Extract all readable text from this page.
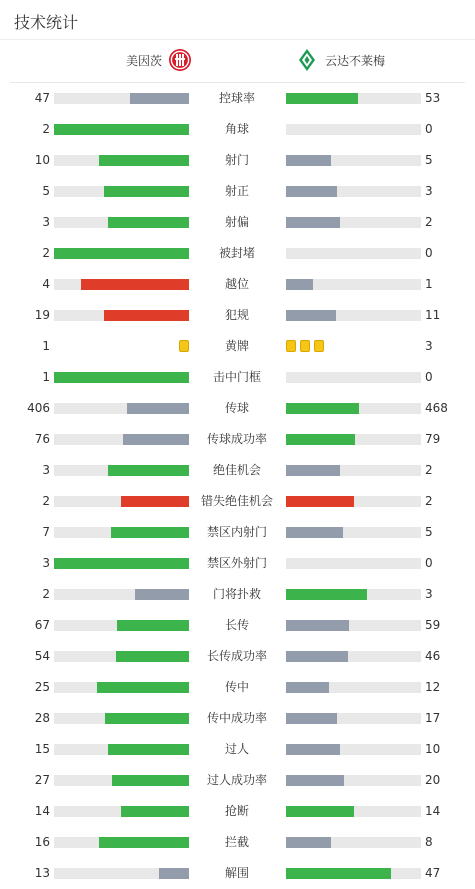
技术统计
美因茨	云达不莱梅
47	控球率	53
2	角球	0
10	射门	5
5	射正	3
3	射偏	2
2	被封堵	0
4	越位	1
19	犯规	11
1	黄牌	3
1	击中门框	0
406	传球	468
76	传球成功率	79
3	绝佳机会	2
2	错失绝佳机会	2
7	禁区内射门	5
3	禁区外射门	0
2	门将扑救	3
67	长传	59
54	长传成功率	46
25	传中	12
28	传中成功率	17
15	过人	10
27	过人成功率	20
14	抢断	14
16	拦截	8
13	解围	47
